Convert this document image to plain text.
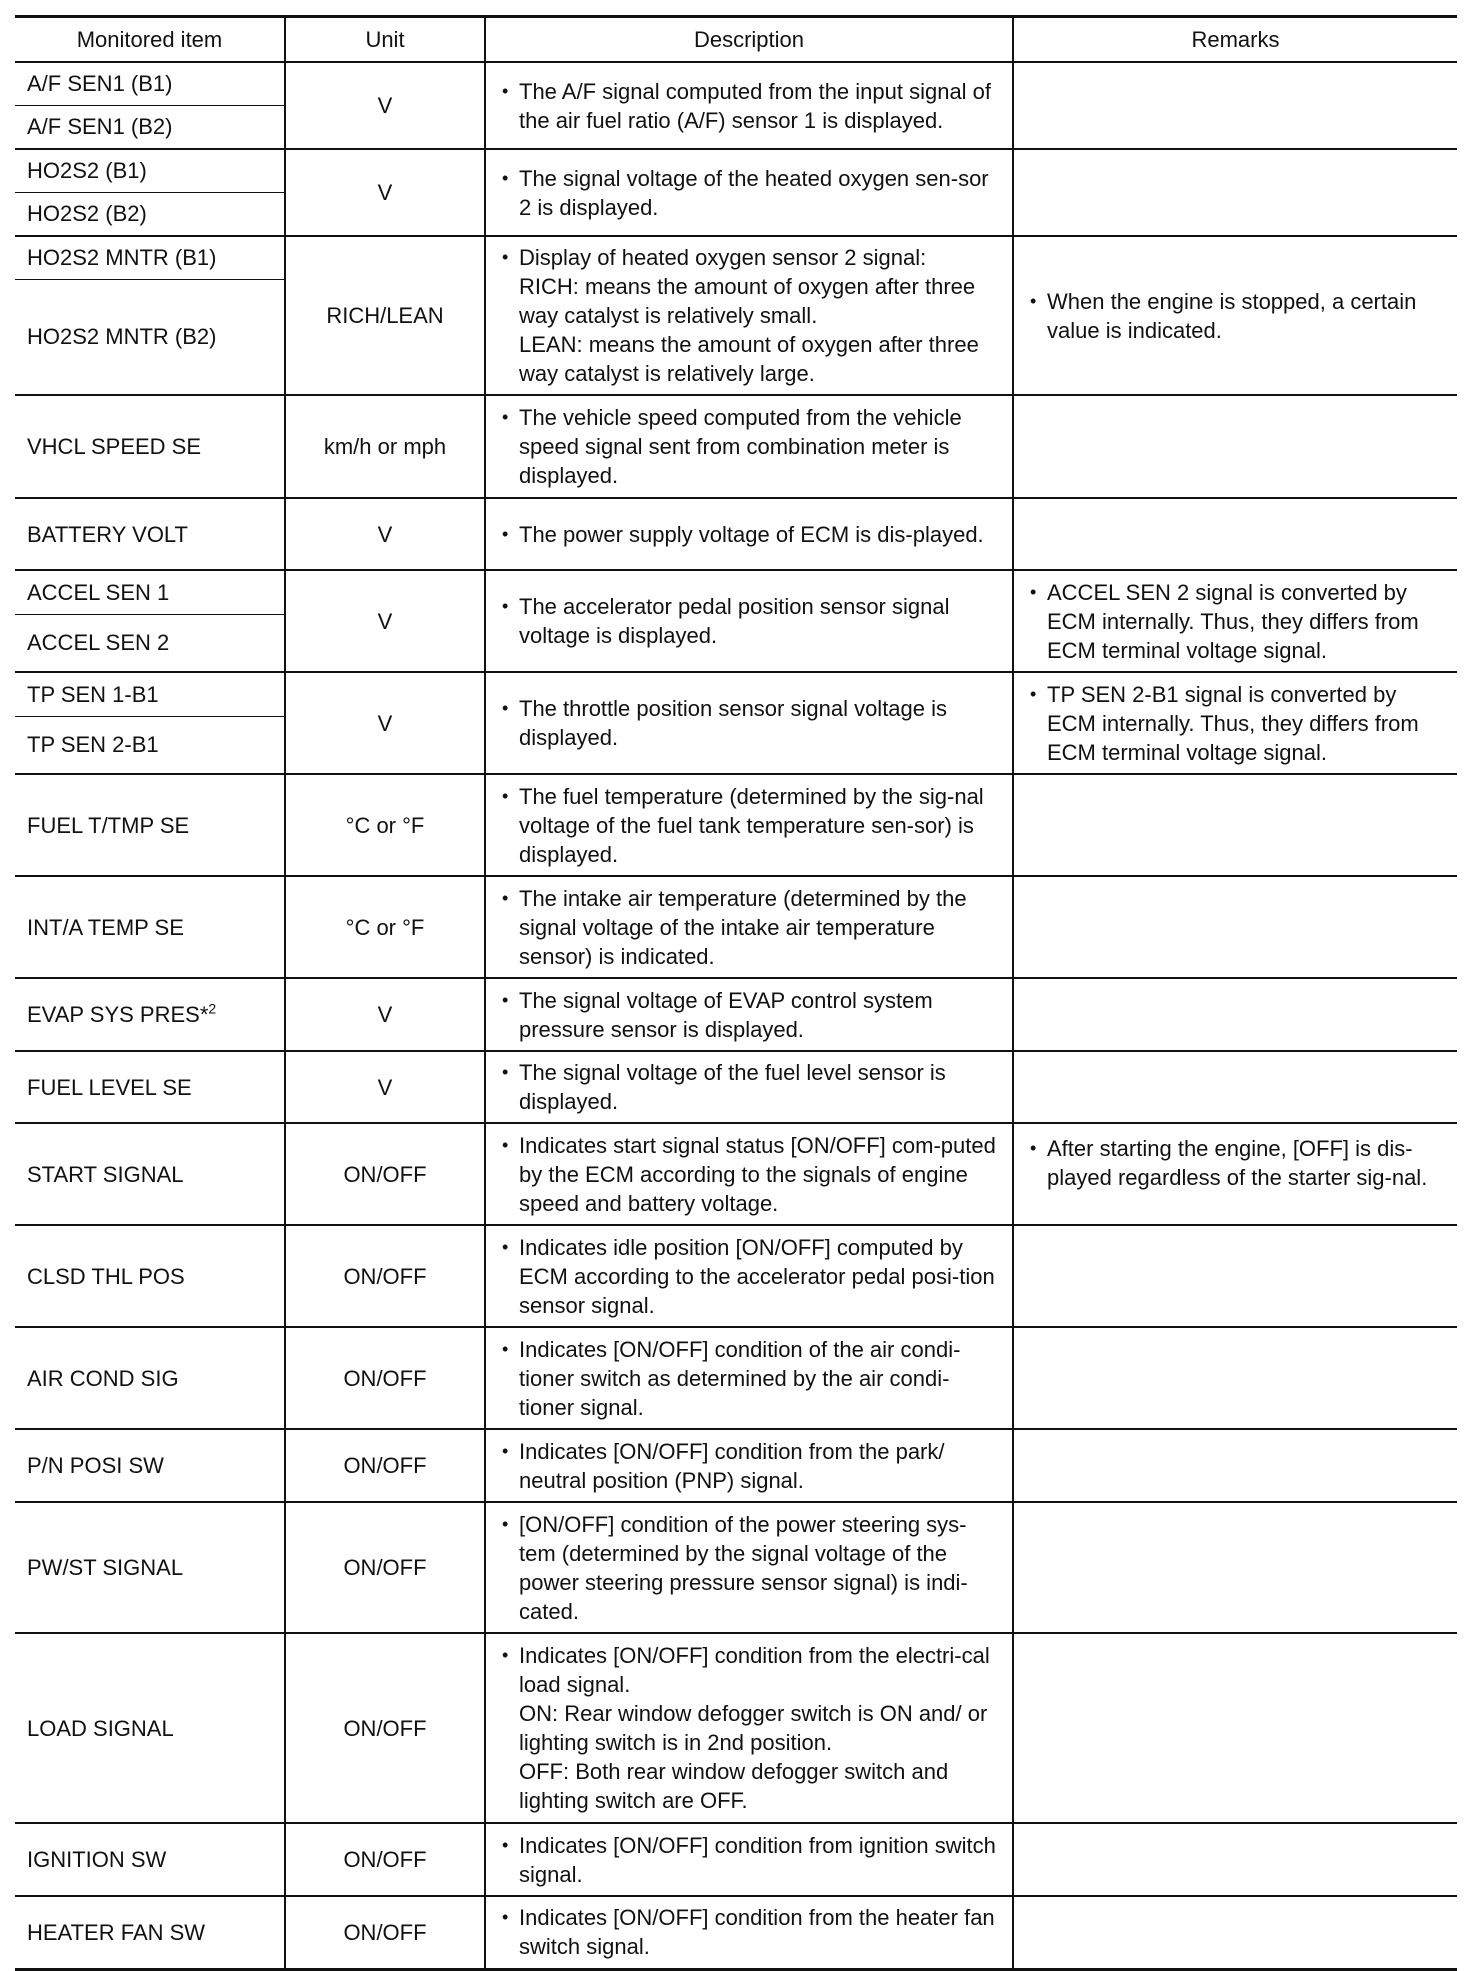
Monitored item	Unit	Description	Remarks
A/F SEN1 (B1)	V	• The A/F signal computed from the input signal of the air fuel ratio (A/F) sensor 1 is displayed.	

A/F SEN1 (B2)			
HO2S2 (B1)	V	• The signal voltage of the heated oxygen sen-sor 2 is displayed.	

HO2S2 (B2)			
HO2S2 MNTR (B1)	RICH/LEAN	• Display of heated oxygen sensor 2 signal:
RICH: means the amount of oxygen after three way catalyst is relatively small.
LEAN: means the amount of oxygen after three way catalyst is relatively large.	• When the engine is stopped, a certain value is indicated.

HO2S2 MNTR (B2)			
VHCL SPEED SE	km/h or mph	• The vehicle speed computed from the vehicle speed signal sent from combination meter is displayed.	

BATTERY VOLT	V	• The power supply voltage of ECM is dis-played.	

ACCEL SEN 1	V	• The accelerator pedal position sensor signal voltage is displayed.	• ACCEL SEN 2 signal is converted by ECM internally. Thus, they differs from ECM terminal voltage signal.

ACCEL SEN 2			
TP SEN 1-B1	V	• The throttle position sensor signal voltage is displayed.	• TP SEN 2-B1 signal is converted by ECM internally. Thus, they differs from ECM terminal voltage signal.

TP SEN 2-B1			
FUEL T/TMP SE	°C or °F	• The fuel temperature (determined by the sig-nal voltage of the fuel tank temperature sen-sor) is displayed.	

INT/A TEMP SE	°C or °F	• The intake air temperature (determined by the signal voltage of the intake air temperature sensor) is indicated.	

EVAP SYS PRES*$^2$	V	• The signal voltage of EVAP control system pressure sensor is displayed.	

FUEL LEVEL SE	V	• The signal voltage of the fuel level sensor is displayed.	

START SIGNAL	ON/OFF	• Indicates start signal status [ON/OFF] com-puted by the ECM according to the signals of engine speed and battery voltage.	• After starting the engine, [OFF] is dis-played regardless of the starter sig-nal.

CLSD THL POS	ON/OFF	• Indicates idle position [ON/OFF] computed by ECM according to the accelerator pedal posi-tion sensor signal.	

AIR COND SIG	ON/OFF	• Indicates [ON/OFF] condition of the air condi-tioner switch as determined by the air condi-tioner signal.	

P/N POSI SW	ON/OFF	• Indicates [ON/OFF] condition from the park/ neutral position (PNP) signal.	

PW/ST SIGNAL	ON/OFF	• [ON/OFF] condition of the power steering sys-tem (determined by the signal voltage of the power steering pressure sensor signal) is indi-cated.	

LOAD SIGNAL	ON/OFF	• Indicates [ON/OFF] condition from the electri-cal load signal.
ON: Rear window defogger switch is ON and/ or lighting switch is in 2nd position.
OFF: Both rear window defogger switch and lighting switch are OFF.	

IGNITION SW	ON/OFF	• Indicates [ON/OFF] condition from ignition switch signal.	

HEATER FAN SW	ON/OFF	• Indicates [ON/OFF] condition from the heater fan switch signal.	
